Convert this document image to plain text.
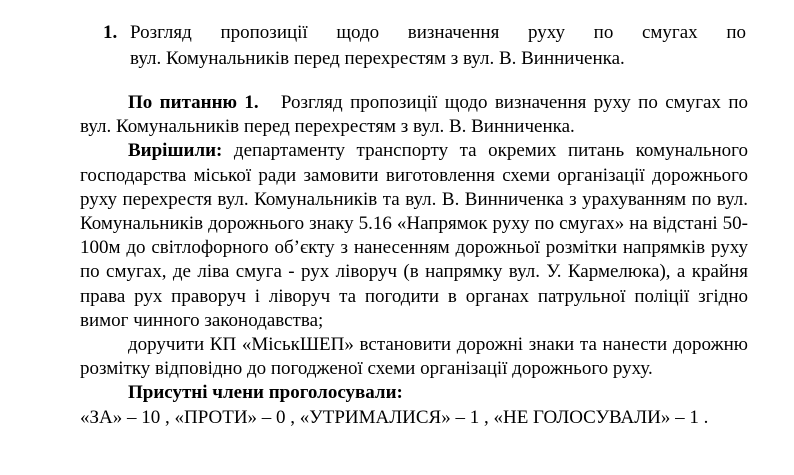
1. Розгляд пропозиції щодо визначення руху по смугах по
вул. Комунальників перед перехрестям з вул. В. Винниченка.

По питанню 1. Розгляд пропозиції щодо визначення руху по смугах по вул. Комунальників перед перехрестям з вул. В. Винниченка.

Вирішили: департаменту транспорту та окремих питань комунального господарства міської ради замовити виготовлення схеми організації дорожнього руху перехрестя вул. Комунальників та вул. В. Винниченка з урахуванням по вул. Комунальників дорожнього знаку 5.16 «Напрямок руху по смугах» на відстані 50-100м до світлофорного об’єкту з нанесенням дорожньої розмітки напрямків руху по смугах, де ліва смуга - рух ліворуч (в напрямку вул. У. Кармелюка), а крайня права рух праворуч і ліворуч та погодити в органах патрульної поліції згідно вимог чинного законодавства;

доручити КП «МіськШЕП» встановити дорожні знаки та нанести дорожню розмітку відповідно до погодженої схеми організації дорожнього руху.

Присутні члени проголосували:

«ЗА» – 10 , «ПРОТИ» – 0 , «УТРИМАЛИСЯ» – 1 , «НЕ ГОЛОСУВАЛИ» – 1 .
